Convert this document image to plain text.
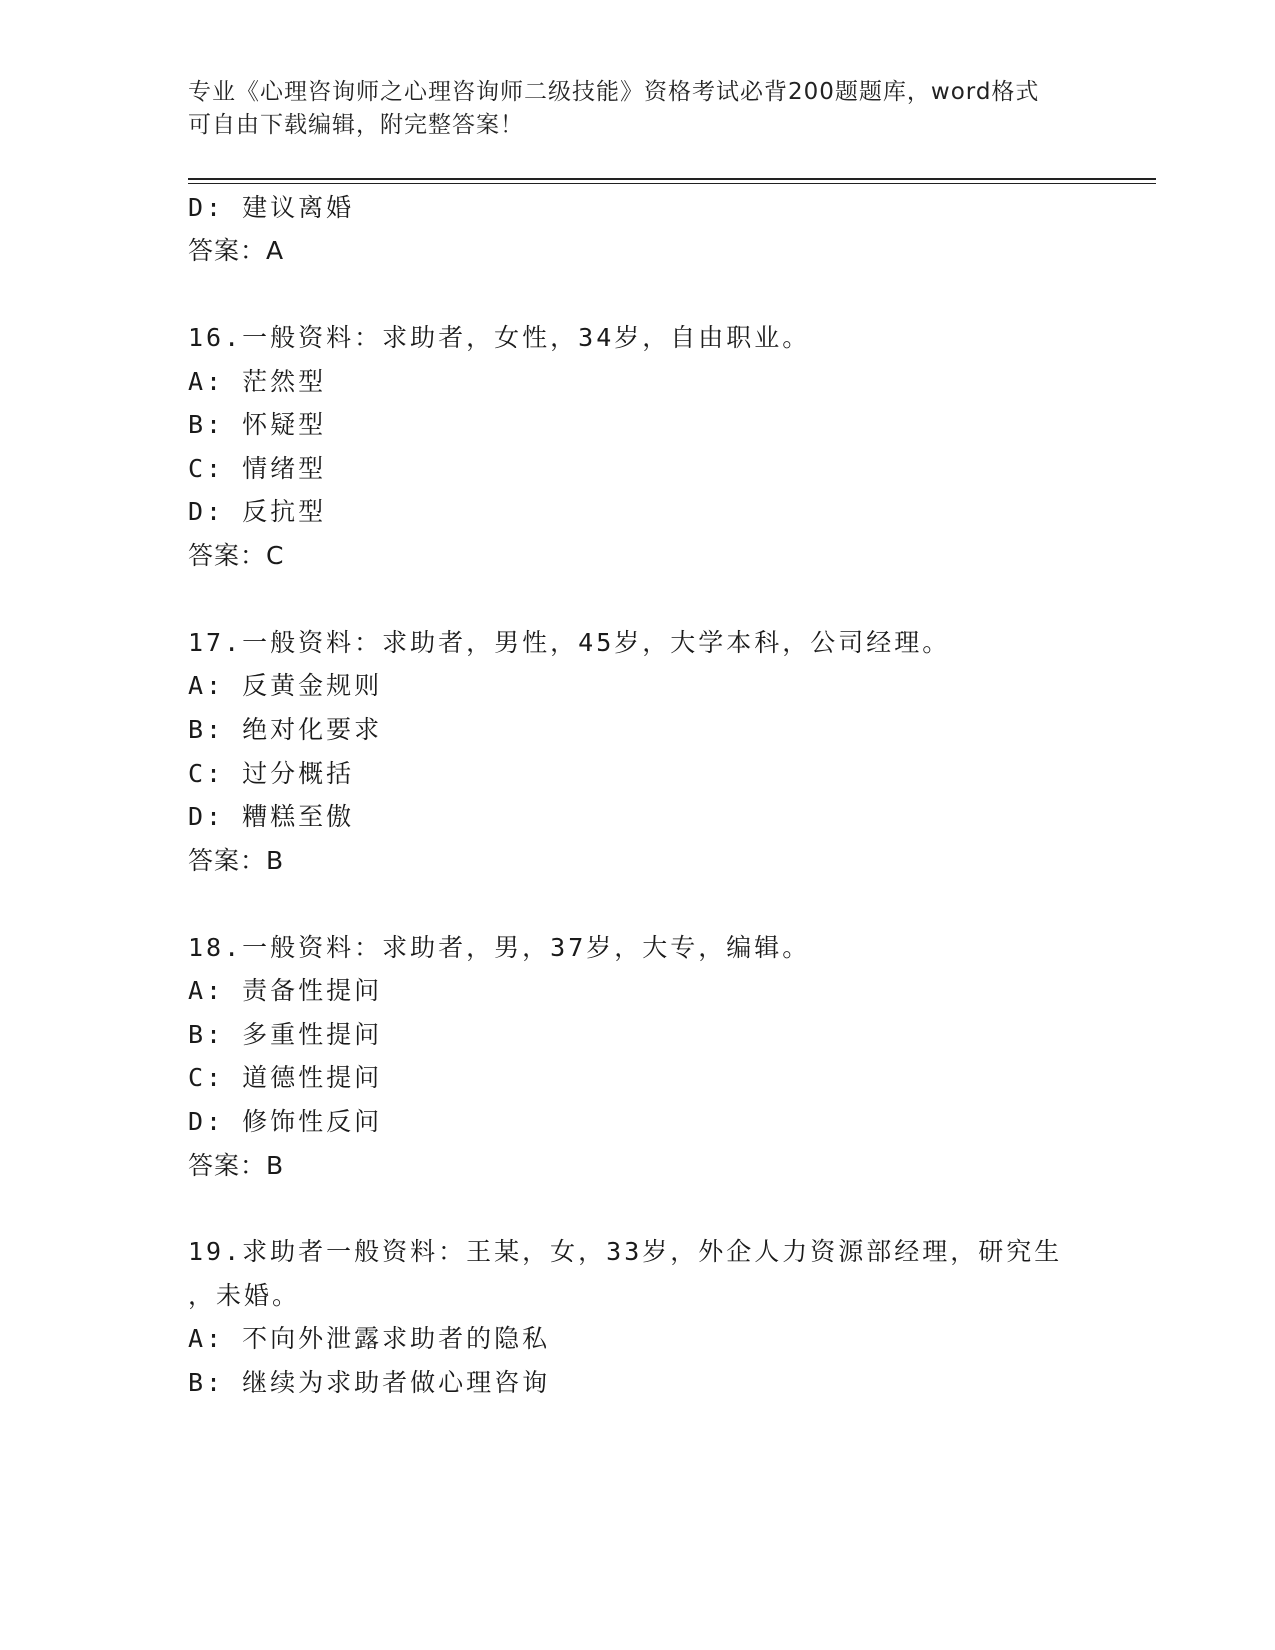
专业《心理咨询师之心理咨询师二级技能》资格考试必背200题题库，word格式
可自由下载编辑，附完整答案！
D: 建议离婚
答案：A
16.一般资料：求助者，女性，34岁，自由职业。
A: 茫然型
B: 怀疑型
C: 情绪型
D: 反抗型
答案：C
17.一般资料：求助者，男性，45岁，大学本科，公司经理。
A: 反黄金规则
B: 绝对化要求
C: 过分概括
D: 糟糕至傲
答案：B
18.一般资料：求助者，男，37岁，大专，编辑。
A: 责备性提问
B: 多重性提问
C: 道德性提问
D: 修饰性反问
答案：B
19.求助者一般资料：王某，女，33岁，外企人力资源部经理，研究生
，未婚。
A: 不向外泄露求助者的隐私
B: 继续为求助者做心理咨询
